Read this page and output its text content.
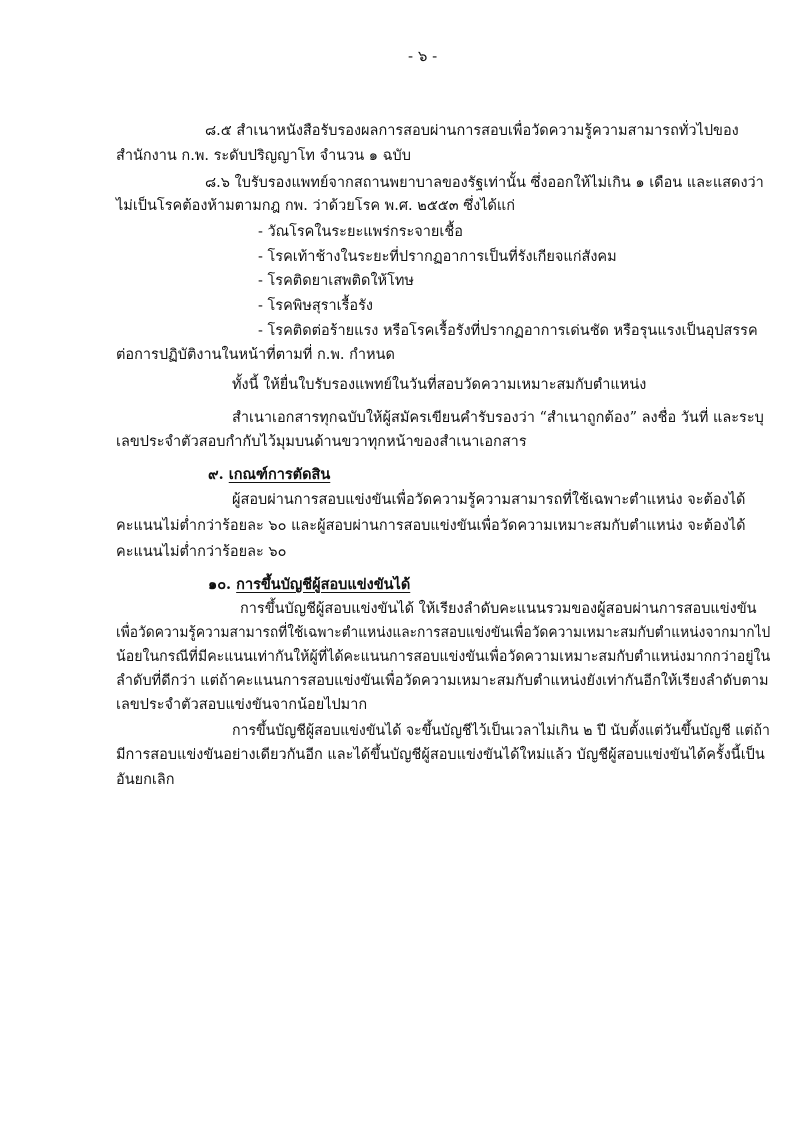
- ๖ -
๘.๕ สำเนาหนังสือรับรองผลการสอบผ่านการสอบเพื่อวัดความรู้ความสามารถทั่วไปของ
สำนักงาน ก.พ. ระดับปริญญาโท จำนวน ๑ ฉบับ
๘.๖ ใบรับรองแพทย์จากสถานพยาบาลของรัฐเท่านั้น ซึ่งออกให้ไม่เกิน ๑ เดือน และแสดงว่า
ไม่เป็นโรคต้องห้ามตามกฎ กพ. ว่าด้วยโรค พ.ศ. ๒๕๕๓ ซึ่งได้แก่
- วัณโรคในระยะแพร่กระจายเชื้อ
- โรคเท้าช้างในระยะที่ปรากฏอาการเป็นที่รังเกียจแก่สังคม
- โรคติดยาเสพติดให้โทษ
- โรคพิษสุราเรื้อรัง
- โรคติดต่อร้ายแรง หรือโรคเรื้อรังที่ปรากฏอาการเด่นชัด หรือรุนแรงเป็นอุปสรรค
ต่อการปฏิบัติงานในหน้าที่ตามที่ ก.พ. กำหนด
ทั้งนี้ ให้ยื่นใบรับรองแพทย์ในวันที่สอบวัดความเหมาะสมกับตำแหน่ง
สำเนาเอกสารทุกฉบับให้ผู้สมัครเขียนคำรับรองว่า “สำเนาถูกต้อง” ลงชื่อ วันที่ และระบุ
เลขประจำตัวสอบกำกับไว้มุมบนด้านขวาทุกหน้าของสำเนาเอกสาร
๙. เกณฑ์การตัดสิน
ผู้สอบผ่านการสอบแข่งขันเพื่อวัดความรู้ความสามารถที่ใช้เฉพาะตำแหน่ง จะต้องได้
คะแนนไม่ต่ำกว่าร้อยละ ๖๐ และผู้สอบผ่านการสอบแข่งขันเพื่อวัดความเหมาะสมกับตำแหน่ง จะต้องได้
คะแนนไม่ต่ำกว่าร้อยละ ๖๐
๑๐. การขึ้นบัญชีผู้สอบแข่งขันได้
การขึ้นบัญชีผู้สอบแข่งขันได้ ให้เรียงลำดับคะแนนรวมของผู้สอบผ่านการสอบแข่งขัน
เพื่อวัดความรู้ความสามารถที่ใช้เฉพาะตำแหน่งและการสอบแข่งขันเพื่อวัดความเหมาะสมกับตำแหน่งจากมากไป
น้อยในกรณีที่มีคะแนนเท่ากันให้ผู้ที่ได้คะแนนการสอบแข่งขันเพื่อวัดความเหมาะสมกับตำแหน่งมากกว่าอยู่ใน
ลำดับที่ดีกว่า แต่ถ้าคะแนนการสอบแข่งขันเพื่อวัดความเหมาะสมกับตำแหน่งยังเท่ากันอีกให้เรียงลำดับตาม
เลขประจำตัวสอบแข่งขันจากน้อยไปมาก
การขึ้นบัญชีผู้สอบแข่งขันได้ จะขึ้นบัญชีไว้เป็นเวลาไม่เกิน ๒ ปี นับตั้งแต่วันขึ้นบัญชี แต่ถ้า
มีการสอบแข่งขันอย่างเดียวกันอีก และได้ขึ้นบัญชีผู้สอบแข่งขันได้ใหม่แล้ว บัญชีผู้สอบแข่งขันได้ครั้งนี้เป็น
อันยกเลิก
